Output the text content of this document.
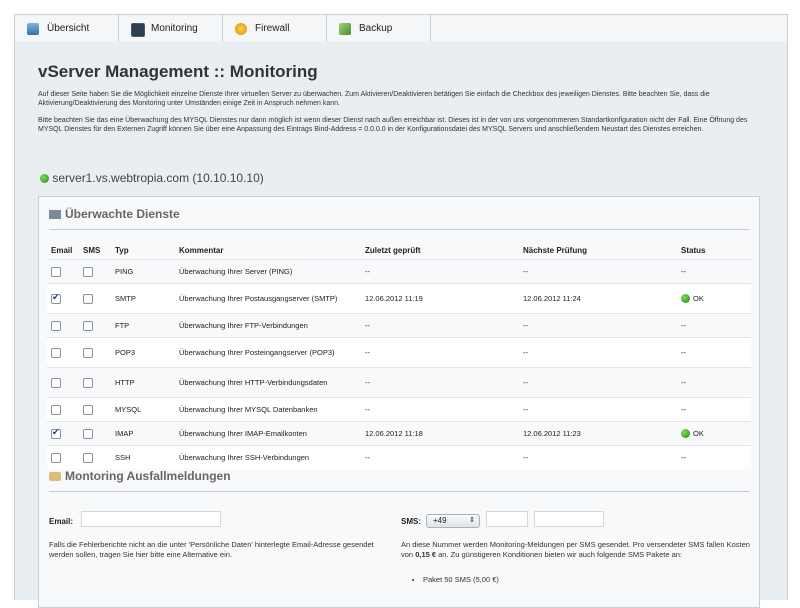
Übersicht	Monitoring	Firewall	Backup
vServer Management :: Monitoring

Auf dieser Seite haben Sie die Möglichkeit einzelne Dienste Ihrer virtuellen Server zu überwachen. Zum Aktivieren/Deaktivieren betätigen Sie einfach die Checkbox des jeweiligen Dienstes. Bitte beachten Sie, dass die Aktivierung/Deaktivierung des Monitoring unter Umständen einige Zeit in Anspruch nehmen kann.

Bitte beachten Sie das eine Überwachung des MYSQL Dienstes nur dann möglich ist wenn dieser Dienst nach außen erreichbar ist. Dieses ist in der von uns vorgenommenen Standartkonfiguration nicht der Fall. Eine Öffnung des MYSQL Dienstes für den Externen Zugriff können Sie über eine Anpassung des Eintrags Bind-Address = 0.0.0.0 in der Konfigurationsdatei des MYSQL Servers und anschließendem Neustart des Dienstes erreichen.

server1.vs.webtropia.com (10.10.10.10)
Überwachte Dienste
Email	SMS	Typ	Kommentar	Zuletzt geprüft	Nächste Prüfung	Status
		PING	Überwachung Ihrer Server (PING)	--	--	--
✔		SMTP	Überwachung Ihrer Postausgangserver (SMTP)	12.06.2012 11:19	12.06.2012 11:24	OK
		FTP	Überwachung Ihrer FTP-Verbindungen	--	--	--
		POP3	Überwachung Ihrer Posteingangserver (POP3)	--	--	--
		HTTP	Überwachung Ihrer HTTP-Verbindungsdaten	--	--	--
		MYSQL	Überwachung Ihrer MYSQL Datenbanken	--	--	--
✔		IMAP	Überwachung Ihrer IMAP-Emailkonten	12.06.2012 11:18	12.06.2012 11:23	OK
		SSH	Überwachung Ihrer SSH-Verbindungen	--	--	--
Montoring Ausfallmeldungen
Email:

Falls die Fehlerberichte nicht an die unter 'Persönliche Daten' hinterlegte Email-Adresse gesendet werden sollen, tragen Sie hier bitte eine Alternative ein.

SMS:	+49	⇕

An diese Nummer werden Monitoring-Meldungen per SMS gesendet. Pro versendeter SMS fallen Kosten von 0,15 € an. Zu günstigeren Konditionen bieten wir auch folgende SMS Pakete an:

• Paket 50 SMS (5,00 €)
